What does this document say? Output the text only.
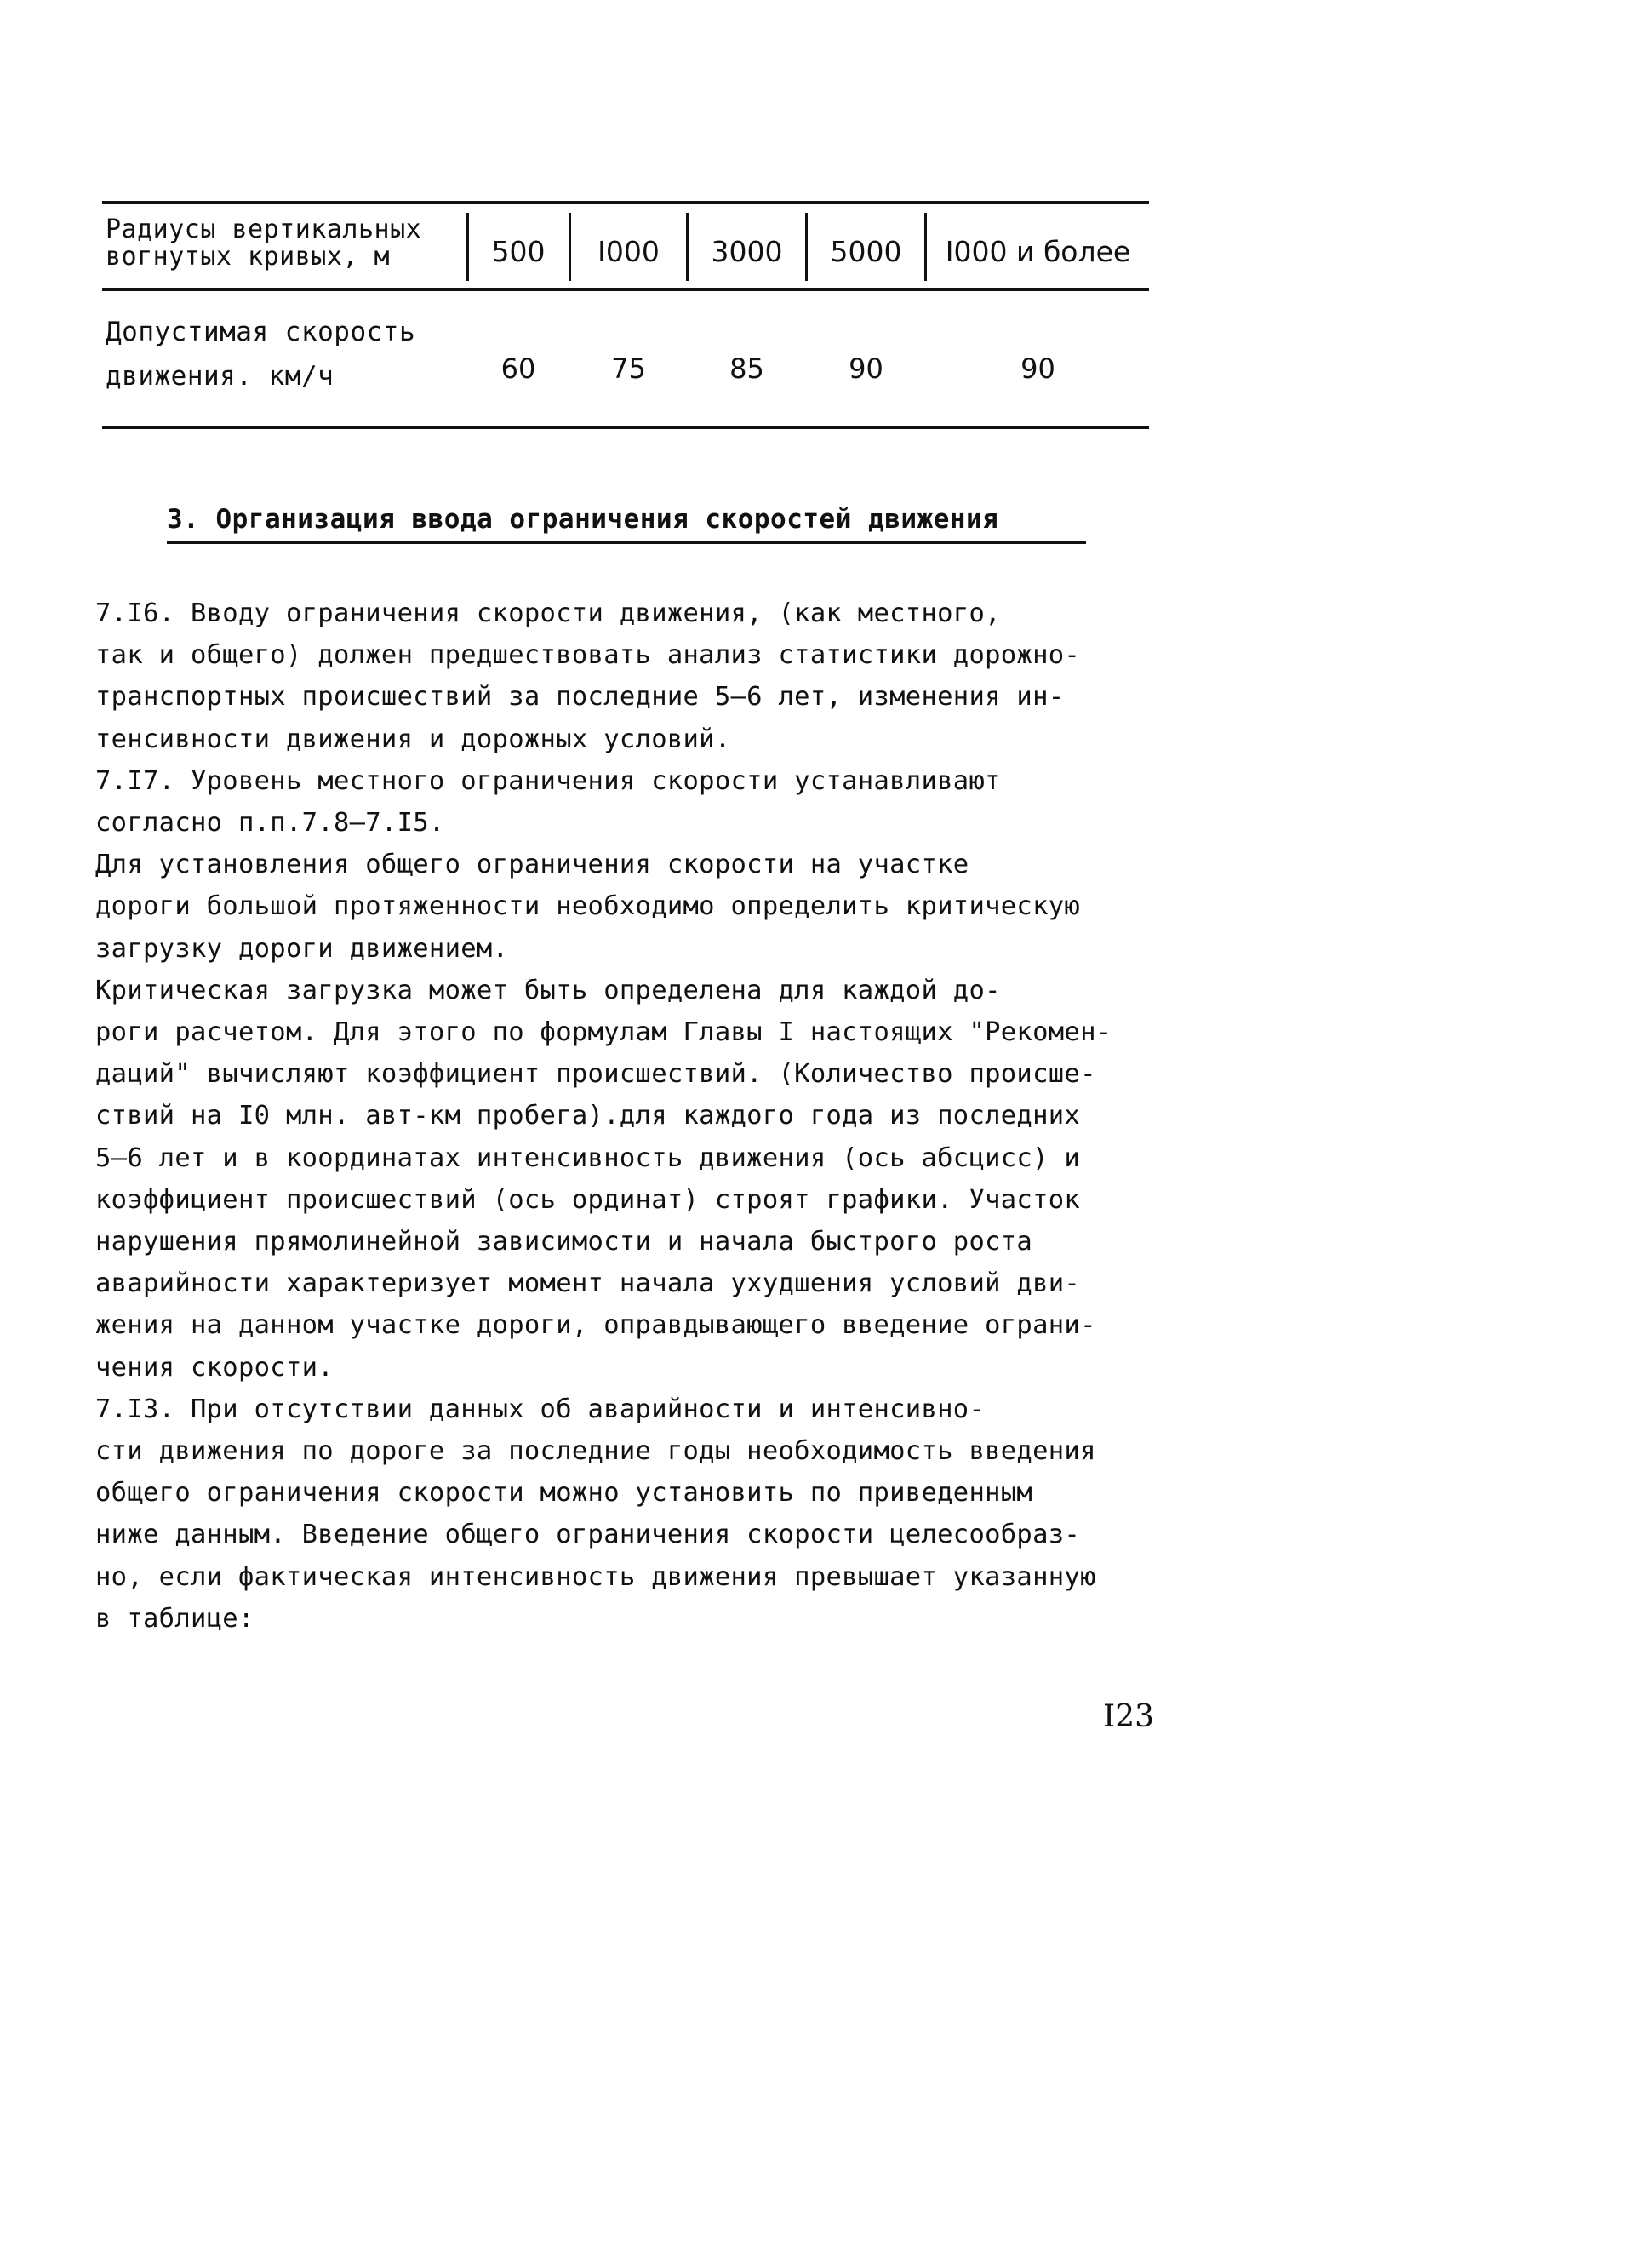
Радиусы вертикальных
вогнутых кривых, м	500	I000	3000	5000	I000 и более
Допустимая скорость
движения. км/ч	60	75	85	90	90
3. Организация ввода ограничения скоростей движения

7.I6. Вводу ограничения скорости движения, (как местного,
так и общего) должен предшествовать анализ статистики дорожно-
транспортных происшествий за последние 5–6 лет, изменения ин-
тенсивности движения и дорожных условий.

7.I7. Уровень местного ограничения скорости устанавливают
согласно п.п.7.8–7.I5.

Для установления общего ограничения скорости на участке
дороги большой протяженности необходимо определить критическую
загрузку дороги движением.

Критическая загрузка может быть определена для каждой до-
роги расчетом. Для этого по формулам Главы I настоящих "Рекомен-
даций" вычисляют коэффициент происшествий. (Количество происше-
ствий на I0 млн. авт-км пробега).для каждого года из последних
5–6 лет и в координатах интенсивность движения (ось абсцисс) и
коэффициент происшествий (ось ординат) строят графики. Участок
нарушения прямолинейной зависимости и начала быстрого роста
аварийности характеризует момент начала ухудшения условий дви-
жения на данном участке дороги, оправдывающего введение ограни-
чения скорости.

7.I3. При отсутствии данных об аварийности и интенсивно-
сти движения по дороге за последние годы необходимость введения
общего ограничения скорости можно установить по приведенным
ниже данным. Введение общего ограничения скорости целесообраз-
но, если фактическая интенсивность движения превышает указанную
в таблице:

I23
